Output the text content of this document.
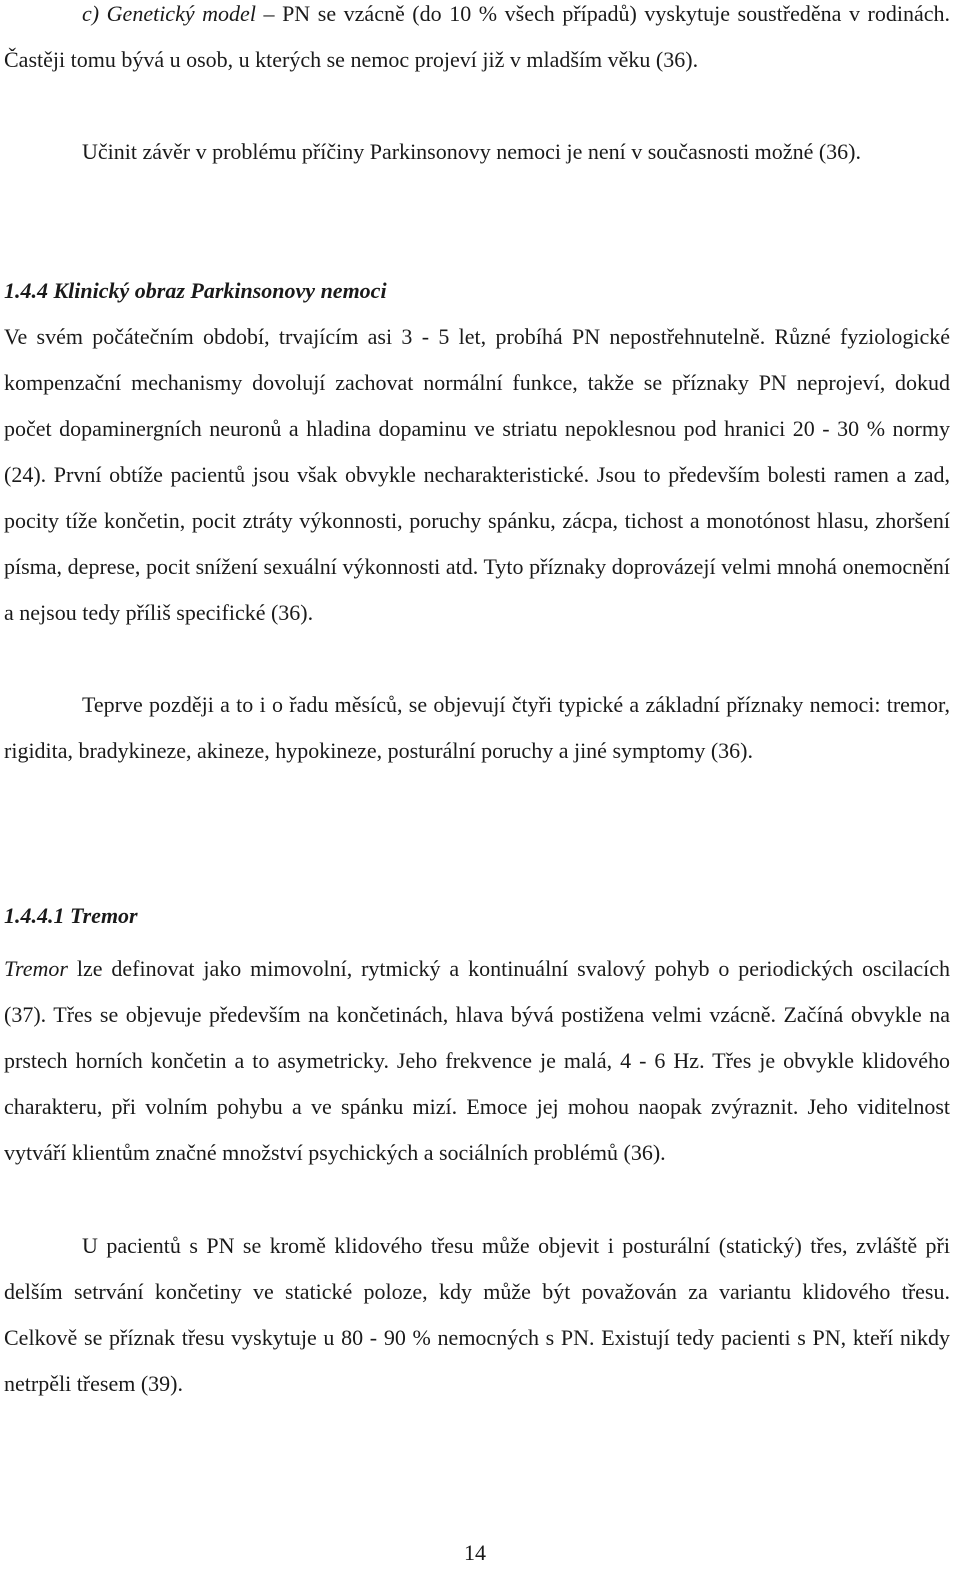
c) Genetický model – PN se vzácně (do 10 % všech případů) vyskytuje soustředěna v rodinách. Častěji tomu bývá u osob, u kterých se nemoc projeví již v mladším věku (36).

Učinit závěr v problému příčiny Parkinsonovy nemoci je není v současnosti možné (36).

1.4.4 Klinický obraz Parkinsonovy nemoci

Ve svém počátečním období, trvajícím asi 3 - 5 let, probíhá PN nepostřehnutelně. Různé fyziologické kompenzační mechanismy dovolují zachovat normální funkce, takže se příznaky PN neprojeví, dokud počet dopaminergních neuronů a hladina dopaminu ve striatu nepoklesnou pod hranici 20 - 30 % normy (24). První obtíže pacientů jsou však obvykle necharakteristické. Jsou to především bolesti ramen a zad, pocity tíže končetin, pocit ztráty výkonnosti, poruchy spánku, zácpa, tichost a monotónost hlasu, zhoršení písma, deprese, pocit snížení sexuální výkonnosti atd. Tyto příznaky doprovázejí velmi mnohá onemocnění a nejsou tedy příliš specifické (36).

Teprve později a to i o řadu měsíců, se objevují čtyři typické a základní příznaky nemoci: tremor, rigidita, bradykineze, akineze, hypokineze, posturální poruchy a jiné symptomy (36).

1.4.4.1 Tremor

Tremor lze definovat jako mimovolní, rytmický a kontinuální svalový pohyb o periodických oscilacích (37). Třes se objevuje především na končetinách, hlava bývá postižena velmi vzácně. Začíná obvykle na prstech horních končetin a to asymetricky. Jeho frekvence je malá, 4 - 6 Hz. Třes je obvykle klidového charakteru, při volním pohybu a ve spánku mizí. Emoce jej mohou naopak zvýraznit. Jeho viditelnost vytváří klientům značné množství psychických a sociálních problémů (36).

U pacientů s PN se kromě klidového třesu může objevit i posturální (statický) třes, zvláště při delším setrvání končetiny ve statické poloze, kdy může být považován za variantu klidového třesu. Celkově se příznak třesu vyskytuje u 80 - 90 % nemocných s PN. Existují tedy pacienti s PN, kteří nikdy netrpěli třesem (39).

14
